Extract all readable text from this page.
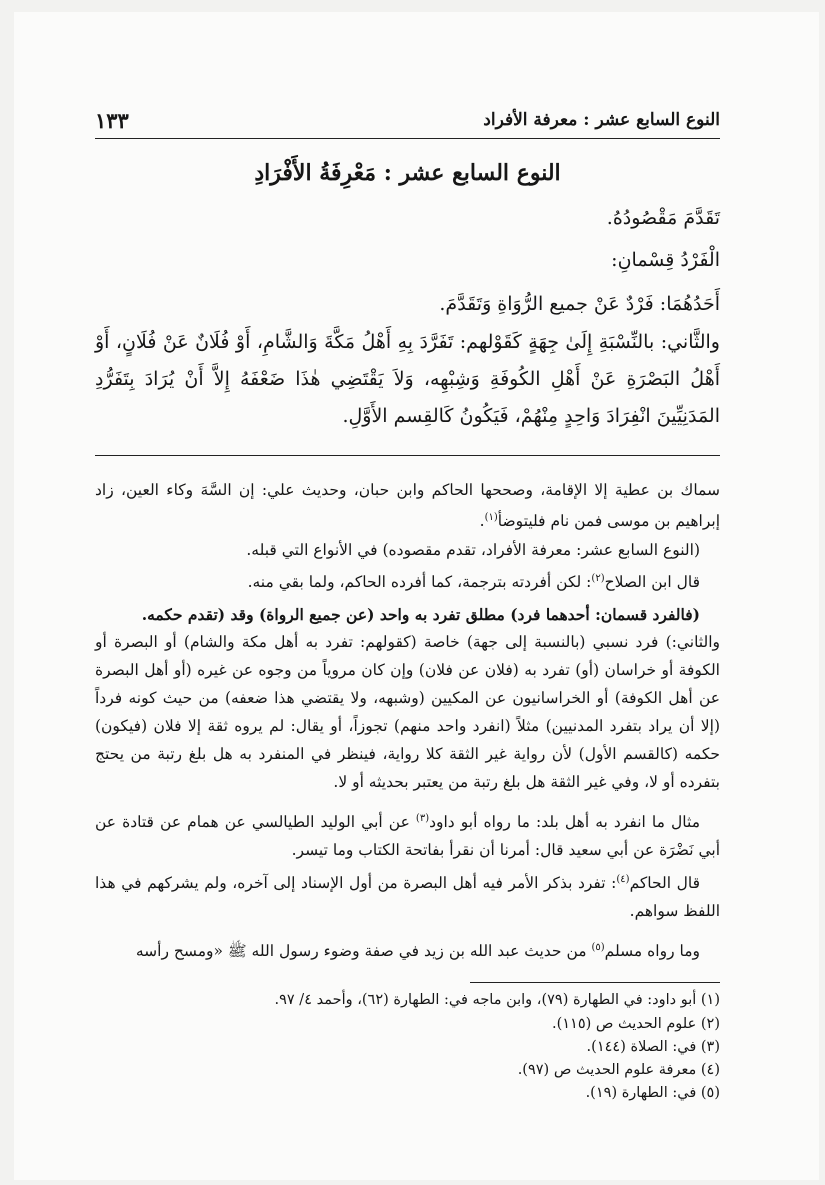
النوع السابع عشر : معرفة الأفراد
١٣٣
النوع السابع عشر : مَعْرِفَةُ الأَفْرَادِ
تَقَدَّمَ مَقْصُودُهُ.
الْفَرْدُ قِسْمانِ:
أَحَدُهُمَا: فَرْدٌ عَنْ جميع الرُّوَاةِ وَتَقَدَّمَ.
والثَّاني: بالنِّسْبَةِ إِلَىٰ جِهَةٍ كَقَوْلهم: تَفَرَّدَ بِهِ أَهْلُ مَكَّةَ وَالشَّامِ، أَوْ فُلَانٌ عَنْ فُلَانٍ، أَوْ أَهْلُ البَصْرَةِ عَنْ أَهْلِ الكُوفَةِ وَشِبْهِه، وَلاَ يَقْتَضِي هٰذَا ضَعْفَهُ إِلاَّ أَنْ يُرَادَ بِتَفَرُّدِ المَدَنِيِّينَ انْفِرَادَ وَاحِدٍ مِنْهُمْ، فَيَكُونُ كَالقِسم الأَوَّلِ.
سماك بن عطية إلا الإقامة، وصححها الحاكم وابن حبان، وحديث علي: إن السَّهَ وكاء العين، زاد إبراهيم بن موسى فمن نام فليتوضأ$^{(١)}$.
(النوع السابع عشر: معرفة الأفراد، تقدم مقصوده) في الأنواع التي قبله.
قال ابن الصلاح$^{(٢)}$: لكن أفردته بترجمة، كما أفرده الحاكم، ولما بقي منه.
(فالفرد قسمان: أحدهما فرد) مطلق تفرد به واحد (عن جميع الرواة) وقد (تقدم حكمه.
والثاني:) فرد نسبي (بالنسبة إلى جهة) خاصة (كقولهم: تفرد به أهل مكة والشام) أو البصرة أو الكوفة أو خراسان (أو) تفرد به (فلان عن فلان) وإن كان مروياً من وجوه عن غيره (أو أهل البصرة عن أهل الكوفة) أو الخراسانيون عن المكيين (وشبهه، ولا يقتضي هذا ضعفه) من حيث كونه فرداً (إلا أن يراد بتفرد المدنيين) مثلاً (انفرد واحد منهم) تجوزاً، أو يقال: لم يروه ثقة إلا فلان (فيكون) حكمه (كالقسم الأول) لأن رواية غير الثقة كلا رواية، فينظر في المنفرد به هل بلغ رتبة من يحتج بتفرده أو لا، وفي غير الثقة هل بلغ رتبة من يعتبر بحديثه أو لا.
مثال ما انفرد به أهل بلد: ما رواه أبو داود$^{(٣)}$ عن أبي الوليد الطيالسي عن همام عن قتادة عن أبي نَضْرَة عن أبي سعيد قال: أمرنا أن نقرأ بفاتحة الكتاب وما تيسر.
قال الحاكم$^{(٤)}$: تفرد بذكر الأمر فيه أهل البصرة من أول الإسناد إلى آخره، ولم يشركهم في هذا اللفظ سواهم.
وما رواه مسلم$^{(٥)}$ من حديث عبد الله بن زيد في صفة وضوء رسول الله ﷺ «ومسح رأسه
(١) أبو داود: في الطهارة (٧٩)، وابن ماجه في: الطهارة (٦٢)، وأحمد ٤/ ٩٧.
(٢) علوم الحديث ص (١١٥).
(٣) في: الصلاة (١٤٤).
(٤) معرفة علوم الحديث ص (٩٧).
(٥) في: الطهارة (١٩).
